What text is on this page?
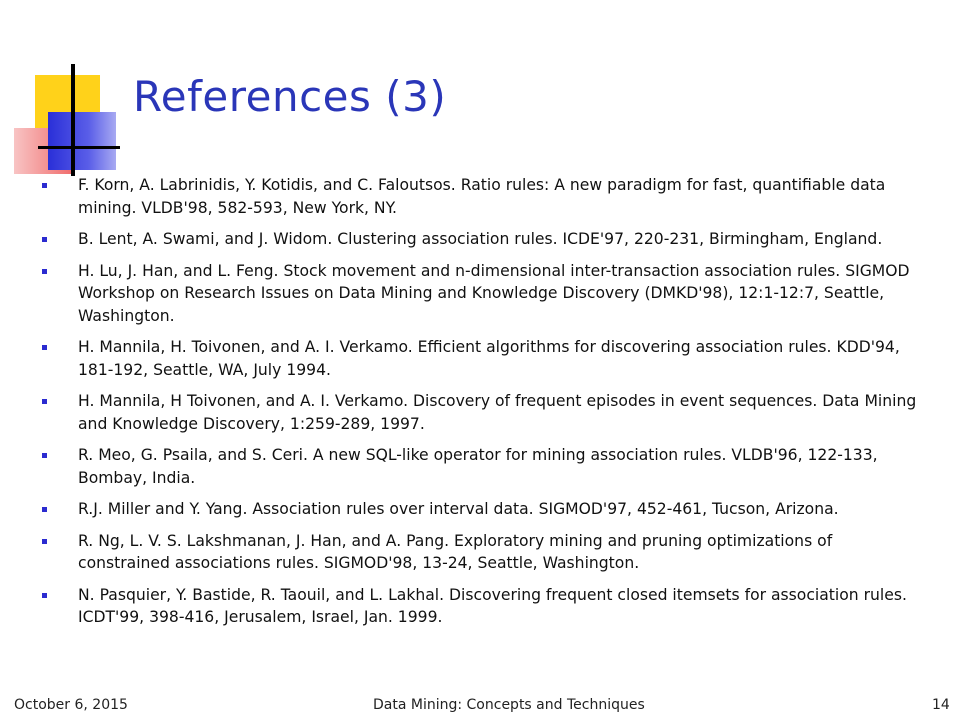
References (3)
F. Korn, A. Labrinidis, Y. Kotidis, and C. Faloutsos. Ratio rules: A new paradigm for fast, quantifiable data mining. VLDB'98, 582-593, New York, NY.
B. Lent, A. Swami, and J. Widom. Clustering association rules. ICDE'97, 220-231, Birmingham, England.
H. Lu, J. Han, and L. Feng. Stock movement and n-dimensional inter-transaction association rules. SIGMOD Workshop on Research Issues on Data Mining and Knowledge Discovery (DMKD'98), 12:1-12:7, Seattle, Washington.
H. Mannila, H. Toivonen, and A. I. Verkamo. Efficient algorithms for discovering association rules. KDD'94, 181-192, Seattle, WA, July 1994.
H. Mannila, H Toivonen, and A. I. Verkamo. Discovery of frequent episodes in event sequences. Data Mining and Knowledge Discovery, 1:259-289, 1997.
R. Meo, G. Psaila, and S. Ceri. A new SQL-like operator for mining association rules. VLDB'96, 122-133, Bombay, India.
R.J. Miller and Y. Yang. Association rules over interval data. SIGMOD'97, 452-461, Tucson, Arizona.
R. Ng, L. V. S. Lakshmanan, J. Han, and A. Pang. Exploratory mining and pruning optimizations of constrained associations rules. SIGMOD'98, 13-24, Seattle, Washington.
N. Pasquier, Y. Bastide, R. Taouil, and L. Lakhal. Discovering frequent closed itemsets for association rules. ICDT'99, 398-416, Jerusalem, Israel, Jan. 1999.
October 6, 2015	Data Mining: Concepts and Techniques	14
